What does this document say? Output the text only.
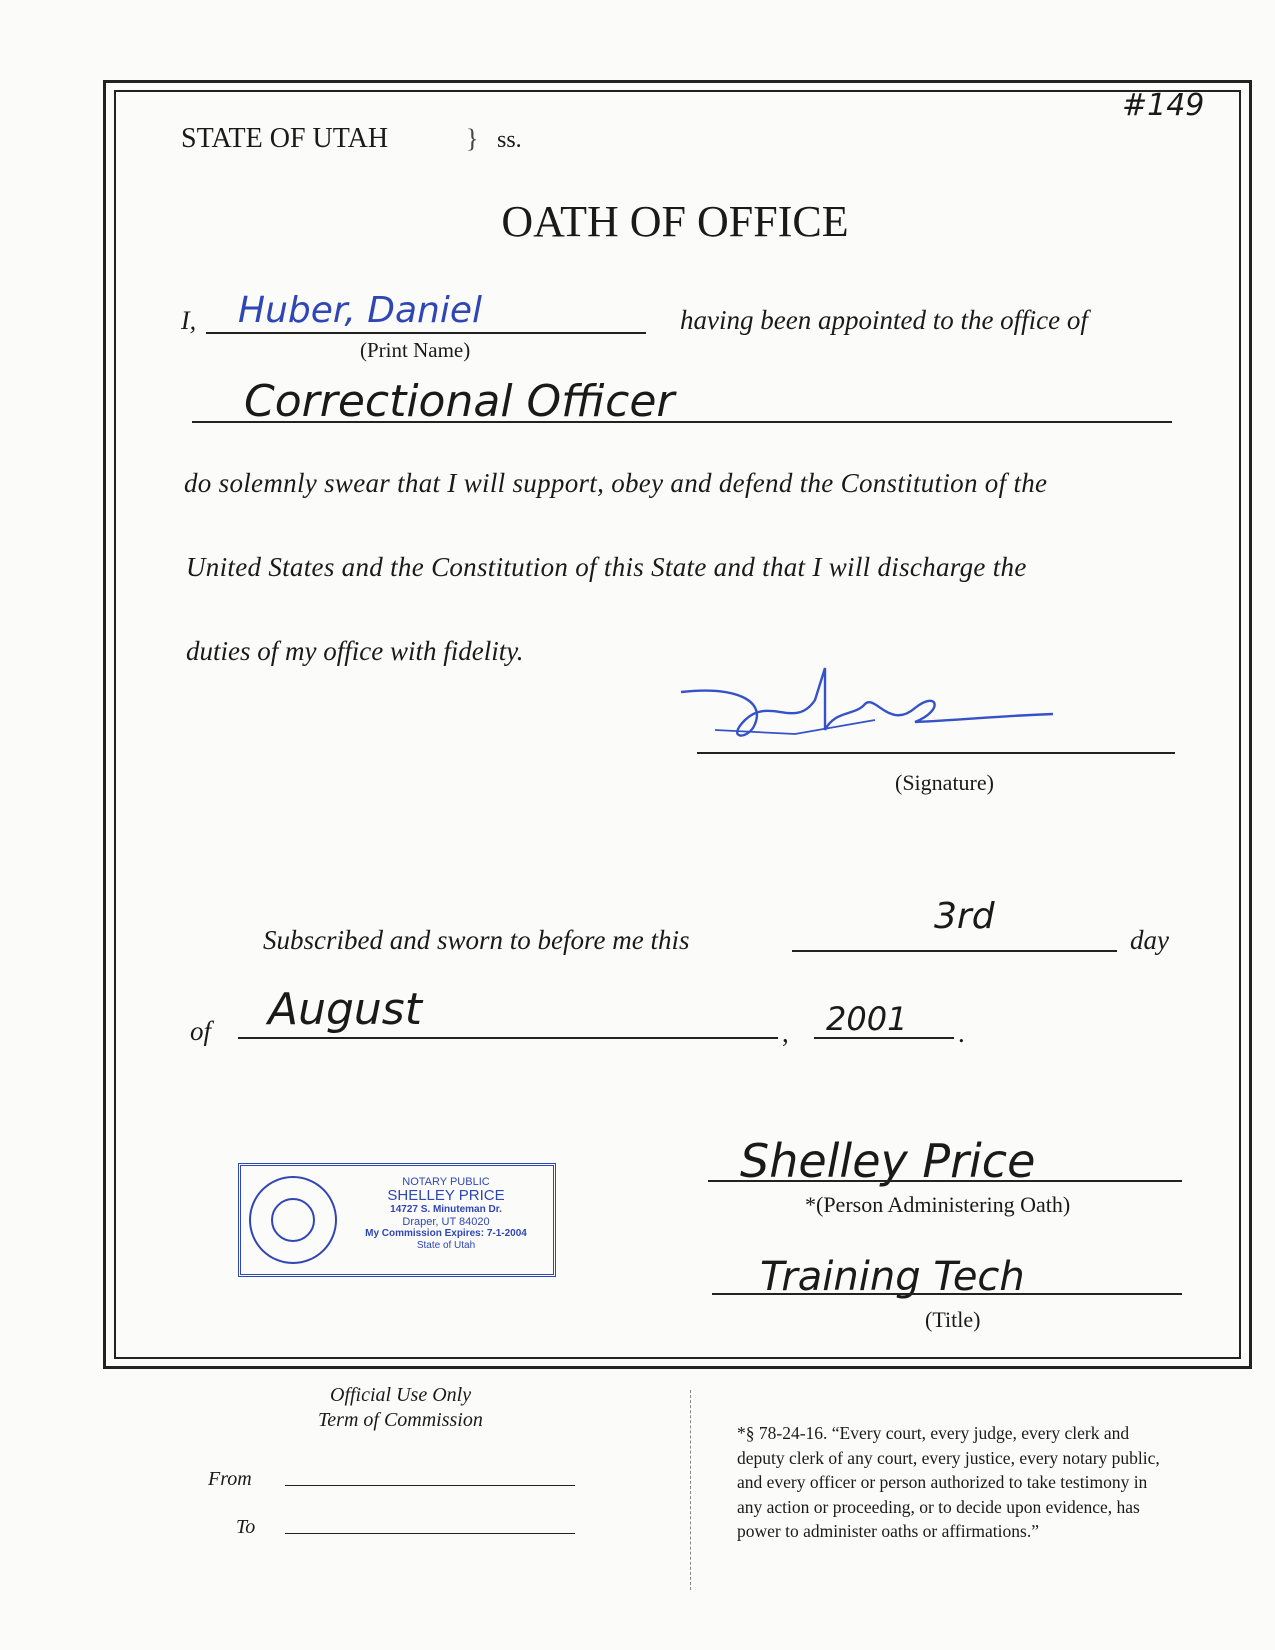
#149
STATE OF UTAH	} ss.
OATH OF OFFICE
I, Huber, Daniel
(Print Name)
having been appointed to the office of
Correctional Officer
do solemnly swear that I will support, obey and defend the Constitution of the
United States and the Constitution of this State and that I will discharge the
duties of my office with fidelity.
(Signature)
Subscribed and sworn to before me this
3rd
day
of August	, 2001 .
NOTARY PUBLIC
SHELLEY PRICE
14727 S. Minuteman Dr.
Draper, UT 84020
My Commission Expires: 7-1-2004
State of Utah
Shelley Price
*(Person Administering Oath)
Training Tech
(Title)
Official Use Only
Term of Commission
From
To
*§ 78-24-16. “Every court, every judge, every clerk and
deputy clerk of any court, every justice, every notary public,
and every officer or person authorized to take testimony in
any action or proceeding, or to decide upon evidence, has
power to administer oaths or affirmations.”
